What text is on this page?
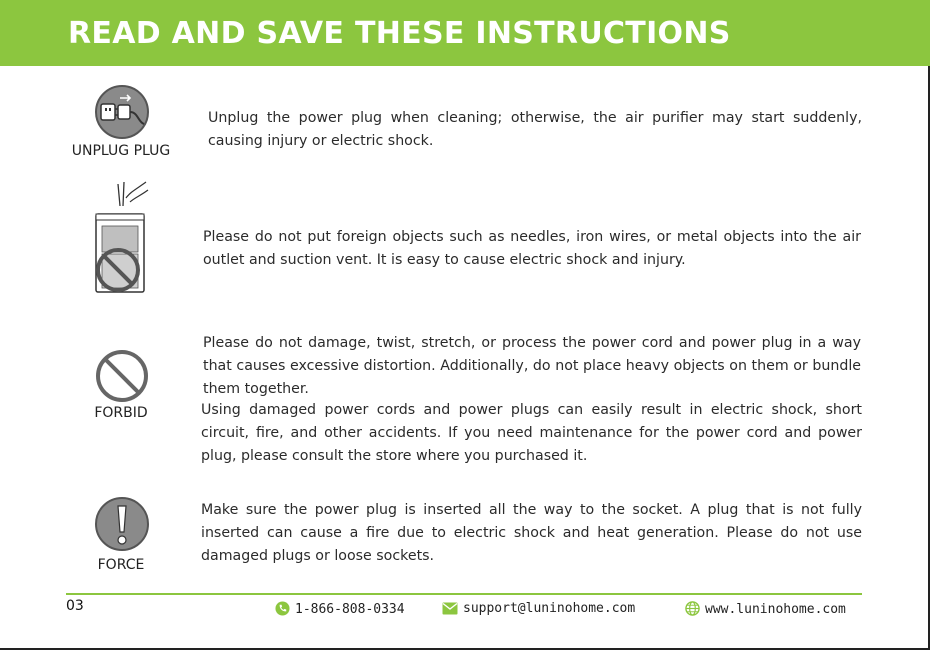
READ AND SAVE THESE INSTRUCTIONS
UNPLUG PLUG
Unplug the power plug when cleaning; otherwise, the air purifier may start suddenly, causing injury or electric shock.
Please do not put foreign objects such as needles, iron wires, or metal objects into the air outlet and suction vent. It is easy to cause electric shock and injury.
FORBID
Please do not damage, twist, stretch, or process the power cord and power plug in a way that causes excessive distortion. Additionally, do not place heavy objects on them or bundle them together.
Using damaged power cords and power plugs can easily result in electric shock, short circuit, fire, and other accidents. If you need maintenance for the power cord and power plug, please consult the store where you purchased it.
FORCE
Make sure the power plug is inserted all the way to the socket. A plug that is not fully inserted can cause a fire due to electric shock and heat generation. Please do not use damaged plugs or loose sockets.
03	1-866-808-0334	support@luninohome.com	www.luninohome.com
